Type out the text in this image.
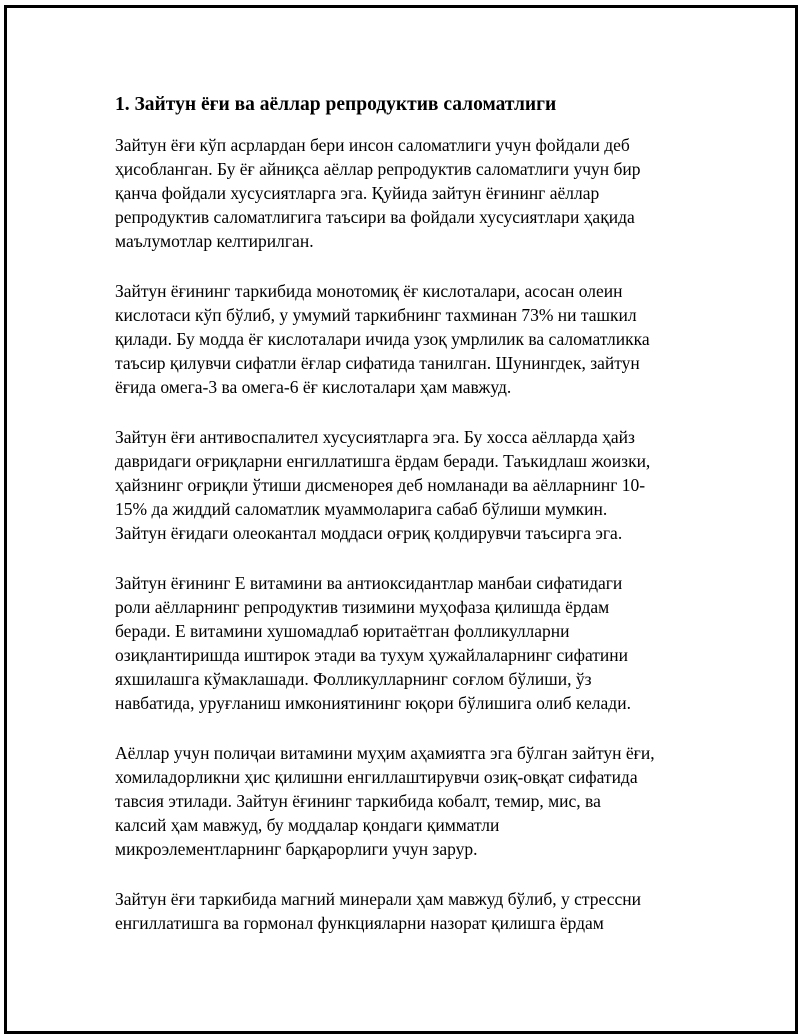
1. Зайтун ёғи ва аёллар репродуктив саломатлиги

Зайтун ёғи кўп асрлардан бери инсон саломатлиги учун фойдали деб
ҳисобланган. Бу ёғ айниқса аёллар репродуктив саломатлиги учун бир
қанча фойдали хусусиятларга эга. Қуйида зайтун ёғининг аёллар
репродуктив саломатлигига таъсири ва фойдали хусусиятлари ҳақида
маълумотлар келтирилган.

Зайтун ёғининг таркибида монотомиқ ёғ кислоталари, асосан олеин
кислотаси кўп бўлиб, у умумий таркибнинг тахминан 73% ни ташкил
қилади. Бу модда ёғ кислоталари ичида узоқ умрлилик ва саломатликка
таъсир қилувчи сифатли ёғлар сифатида танилган. Шунингдек, зайтун
ёғида омега-3 ва омега-6 ёғ кислоталари ҳам мавжуд.

Зайтун ёғи антивоспалител хусусиятларга эга. Бу хосса аёлларда ҳайз
давридаги оғриқларни енгиллатишга ёрдам беради. Таъкидлаш жоизки,
ҳайзнинг оғриқли ўтиши дисменорея деб номланади ва аёлларнинг 10-
15% да жиддий саломатлик муаммоларига сабаб бўлиши мумкин.
Зайтун ёғидаги олеокантал моддаси оғриқ қолдирувчи таъсирга эга.

Зайтун ёғининг Е витамини ва антиоксидантлар манбаи сифатидаги
роли аёлларнинг репродуктив тизимини муҳофаза қилишда ёрдам
беради. Е витамини хушомадлаб юритаётган фолликулларни
озиқлантиришда иштирок этади ва тухум ҳужайлаларнинг сифатини
яхшилашга кўмаклашади. Фолликулларнинг соғлом бўлиши, ўз
навбатида, уруғланиш имкониятининг юқори бўлишига олиб келади.

Аёллар учун полиҷаи витамини муҳим аҳамиятга эга бўлган зайтун ёғи,
хомиладорликни ҳис қилишни енгиллаштирувчи озиқ-овқат сифатида
тавсия этилади. Зайтун ёғининг таркибида кобалт, темир, мис, ва
калсий ҳам мавжуд, бу моддалар қондаги қимматли
микроэлементларнинг барқарорлиги учун зарур.

Зайтун ёғи таркибида магний минерали ҳам мавжуд бўлиб, у стрессни
енгиллатишга ва гормонал функцияларни назорат қилишга ёрдам
